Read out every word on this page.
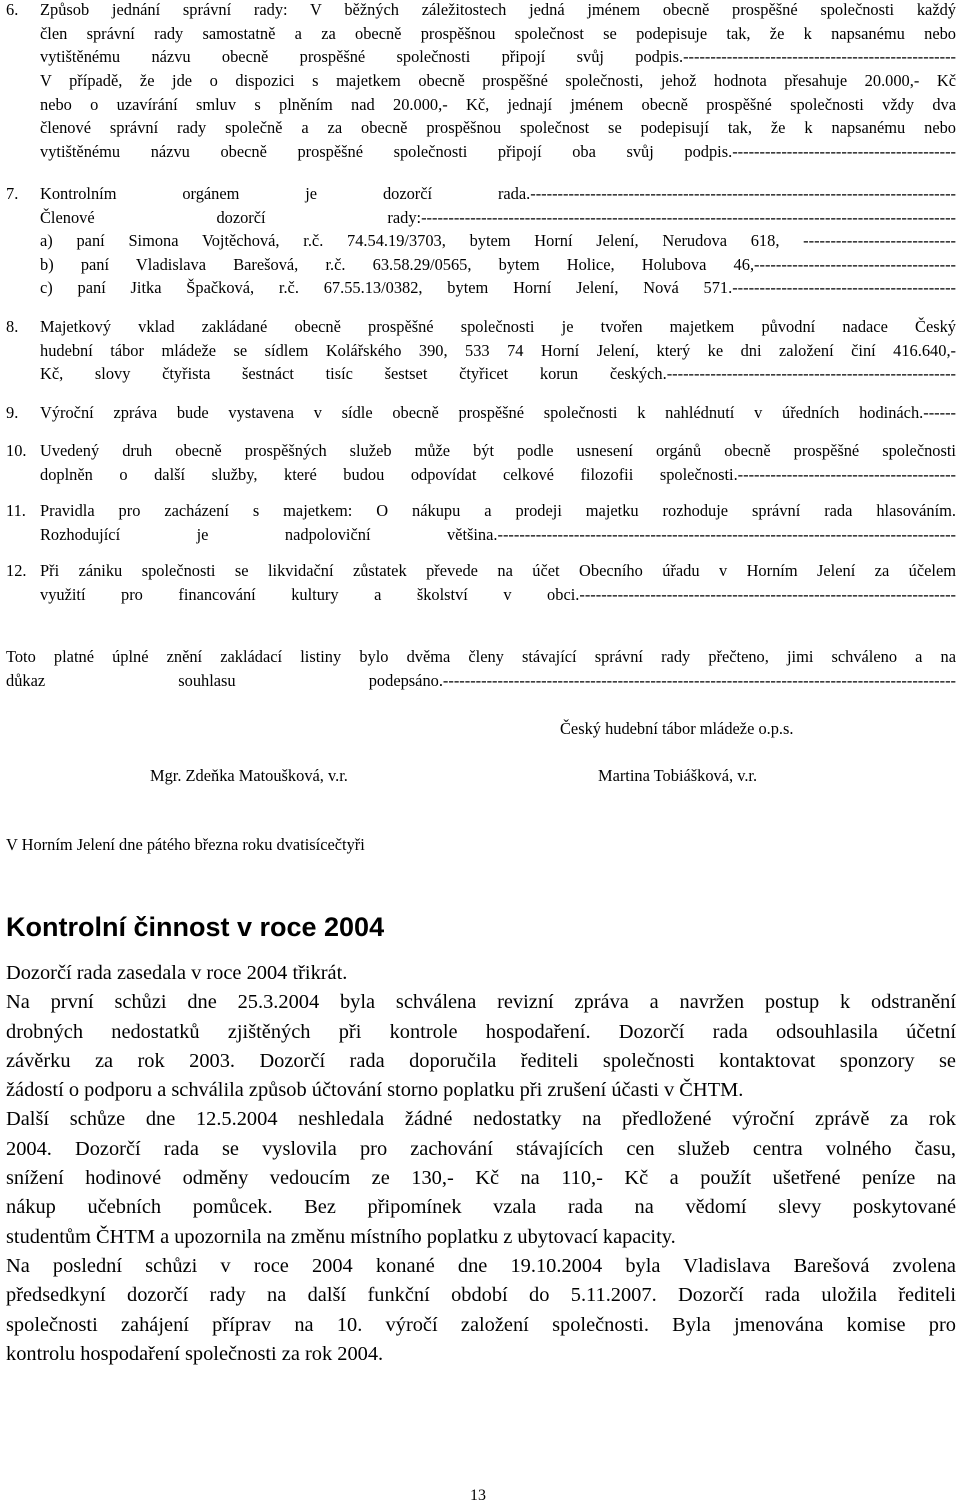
6. Způsob jednání správní rady: V běžných záležitostech jedná jménem obecně prospěšné společnosti každý
člen správní rady samostatně a za obecně prospěšnou společnost se podepisuje tak, že k napsanému nebo
vytištěnému názvu obecně prospěšné společnosti připojí svůj podpis.--------------------------------------------------
V případě, že jde o dispozici s majetkem obecně prospěšné společnosti, jehož hodnota přesahuje 20.000,- Kč
nebo o uzavírání smluv s plněním nad 20.000,- Kč, jednají jménem obecně prospěšné společnosti vždy dva
členové správní rady společně a za obecně prospěšnou společnost se podepisují tak, že k napsanému nebo
vytištěnému názvu obecně prospěšné společnosti připojí oba svůj podpis.-----------------------------------------
7. Kontrolním orgánem je dozorčí rada.------------------------------------------------------------------------------
Členové dozorčí rady:--------------------------------------------------------------------------------------------------
a) paní Simona Vojtěchová, r.č. 74.54.19/3703, bytem Horní Jelení, Nerudova 618, ----------------------------
b) paní Vladislava Barešová, r.č. 63.58.29/0565, bytem Holice, Holubova 46,-------------------------------------
c) paní Jitka Špačková, r.č. 67.55.13/0382, bytem Horní Jelení, Nová 571.-----------------------------------------
8. Majetkový vklad zakládané obecně prospěšné společnosti je tvořen majetkem původní nadace Český
hudební tábor mládeže se sídlem Kolářského 390, 533 74 Horní Jelení, který ke dni založení činí 416.640,-
Kč, slovy čtyřista šestnáct tisíc šestset čtyřicet korun českých.-----------------------------------------------------
9. Výroční zpráva bude vystavena v sídle obecně prospěšné společnosti k nahlédnutí v úředních hodinách.------
10. Uvedený druh obecně prospěšných služeb může být podle usnesení orgánů obecně prospěšné společnosti
doplněn o další služby, které budou odpovídat celkové filozofii společnosti.----------------------------------------
11. Pravidla pro zacházení s majetkem: O nákupu a prodeji majetku rozhoduje správní rada hlasováním.
Rozhodující je nadpoloviční většina.------------------------------------------------------------------------------------
12. Při zániku společnosti se likvidační zůstatek převede na účet Obecního úřadu v Horním Jelení za účelem
využití pro financování kultury a školství v obci.---------------------------------------------------------------------
Toto platné úplné znění zakládací listiny bylo dvěma členy stávající správní rady přečteno, jimi schváleno a na
důkaz souhlasu podepsáno.----------------------------------------------------------------------------------------------
Český hudební tábor mládeže o.p.s.
Mgr. Zdeňka Matoušková, v.r.	Martina Tobiášková, v.r.
V Horním Jelení dne pátého března roku dvatisícečtyři
Kontrolní činnost v roce 2004
Dozorčí rada zasedala v roce 2004 třikrát.
Na první schůzi dne 25.3.2004 byla schválena revizní zpráva a navržen postup k odstranění
drobných nedostatků zjištěných při kontrole hospodaření. Dozorčí rada odsouhlasila účetní
závěrku za rok 2003. Dozorčí rada doporučila řediteli společnosti kontaktovat sponzory se
žádostí o podporu a schválila způsob účtování storno poplatku při zrušení účasti v ČHTM.
Další schůze dne 12.5.2004 neshledala žádné nedostatky na předložené výroční zprávě za rok
2004. Dozorčí rada se vyslovila pro zachování stávajících cen služeb centra volného času,
snížení hodinové odměny vedoucím ze 130,- Kč na 110,- Kč a použít ušetřené peníze na
nákup učebních pomůcek. Bez připomínek vzala rada na vědomí slevy poskytované
studentům ČHTM a upozornila na změnu místního poplatku z ubytovací kapacity.
Na poslední schůzi v roce 2004 konané dne 19.10.2004 byla Vladislava Barešová zvolena
předsedkyní dozorčí rady na další funkční období do 5.11.2007. Dozorčí rada uložila řediteli
společnosti zahájení příprav na 10. výročí založení společnosti. Byla jmenována komise pro
kontrolu hospodaření společnosti za rok 2004.
13
